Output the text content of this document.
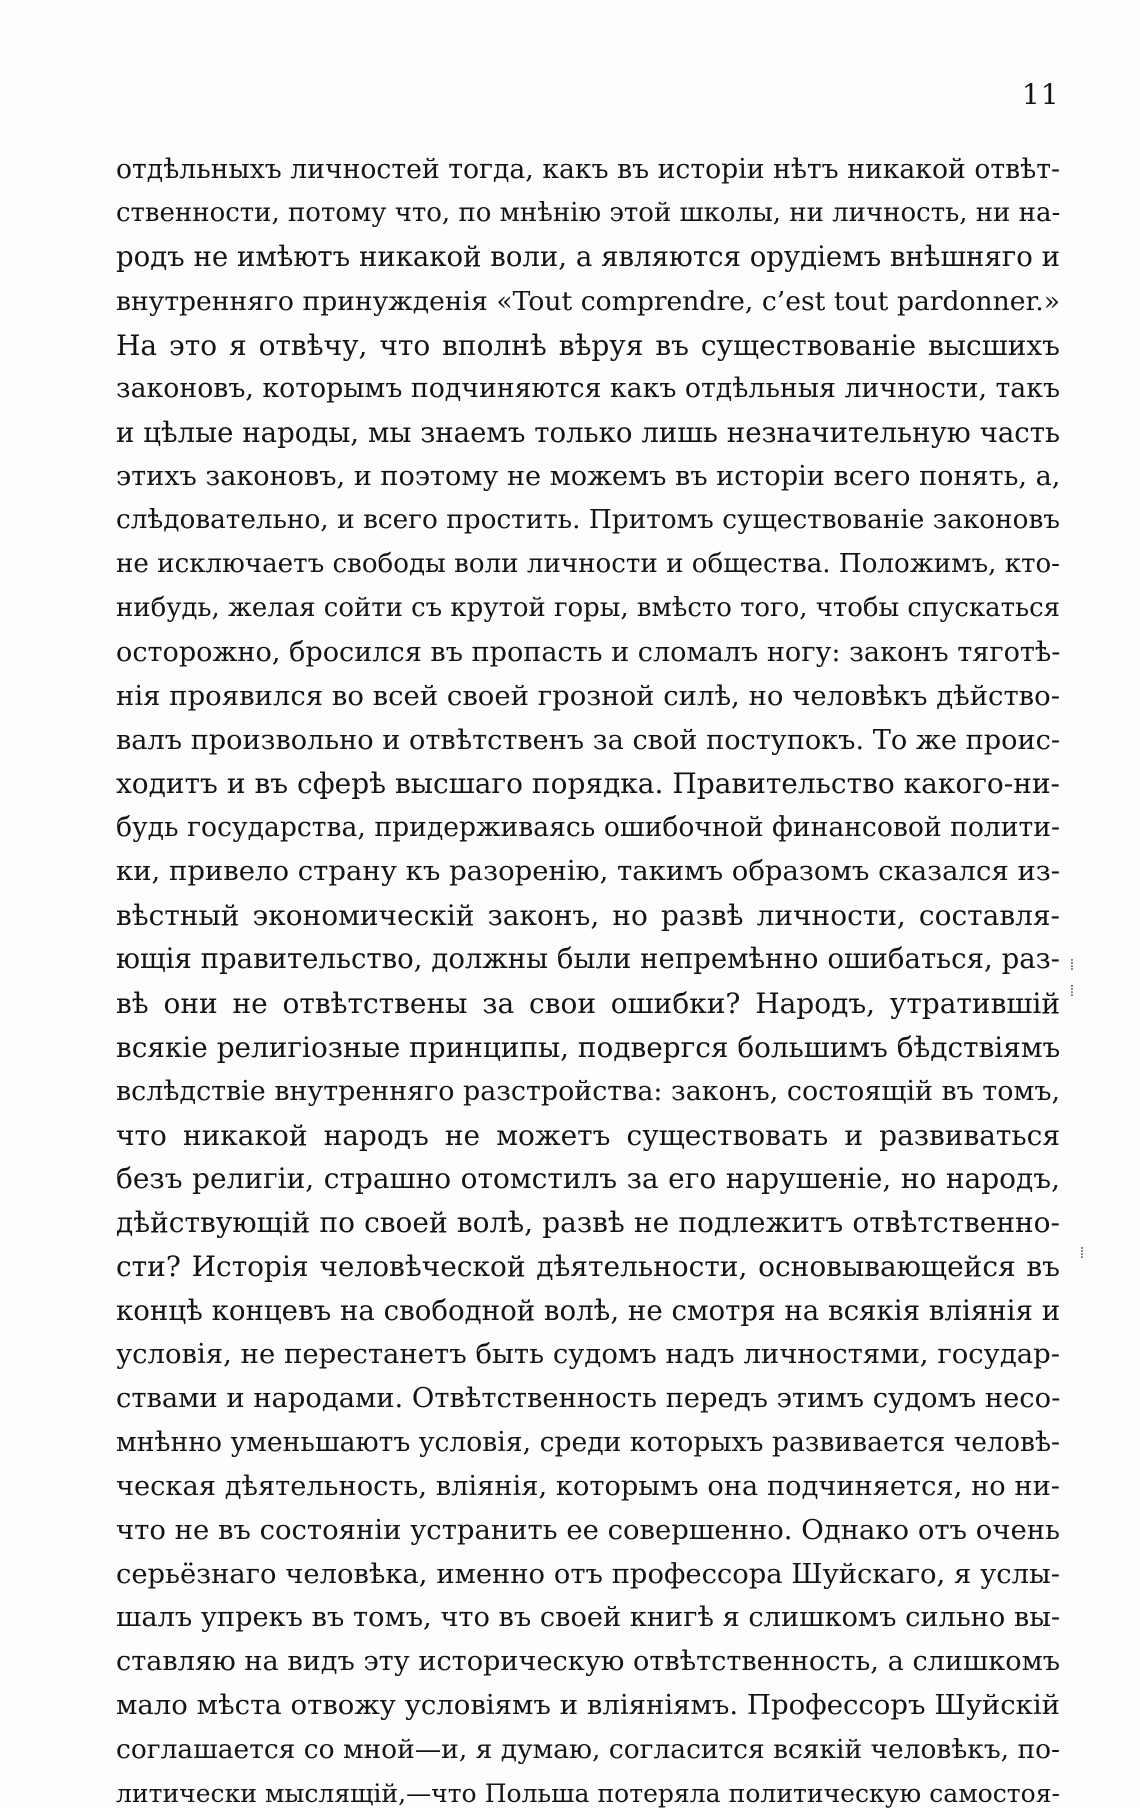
11
отдѣльныхъ личностей тогда, какъ въ исторіи нѣтъ никакой отвѣт-
ственности, потому что, по мнѣнію этой школы, ни личность, ни на-
родъ не имѣютъ никакой воли, а являются орудіемъ внѣшняго и
внутренняго принужденія «Tout comprendre, c’est tout pardonner.»
На это я отвѣчу, что вполнѣ вѣруя въ существованіе высшихъ
законовъ, которымъ подчиняются какъ отдѣльныя личности, такъ
и цѣлые народы, мы знаемъ только лишь незначительную часть
этихъ законовъ, и поэтому не можемъ въ исторіи всего понять, а,
слѣдовательно, и всего простить. Притомъ существованіе законовъ
не исключаетъ свободы воли личности и общества. Положимъ, кто-
нибудь, желая сойти съ крутой горы, вмѣсто того, чтобы спускаться
осторожно, бросился въ пропасть и сломалъ ногу: законъ тяготѣ-
нія проявился во всей своей грозной силѣ, но человѣкъ дѣйство-
валъ произвольно и отвѣтственъ за свой поступокъ. То же проис-
ходитъ и въ сферѣ высшаго порядка. Правительство какого-ни-
будь государства, придерживаясь ошибочной финансовой полити-
ки, привело страну къ разоренію, такимъ образомъ сказался из-
вѣстный экономическій законъ, но развѣ личности, составля-
ющія правительство, должны были непремѣнно ошибаться, раз-
вѣ они не отвѣтствены за свои ошибки? Народъ, утратившій
всякіе религіозные принципы, подвергся большимъ бѣдствіямъ
вслѣдствіе внутренняго разстройства: законъ, состоящій въ томъ,
что никакой народъ не можетъ существовать и развиваться
безъ религіи, страшно отомстилъ за его нарушеніе, но народъ,
дѣйствующій по своей волѣ, развѣ не подлежитъ отвѣтственно-
сти? Исторія человѣческой дѣятельности, основывающейся въ
концѣ концевъ на свободной волѣ, не смотря на всякія вліянія и
условія, не перестанетъ быть судомъ надъ личностями, государ-
ствами и народами. Отвѣтственность передъ этимъ судомъ несо-
мнѣнно уменьшаютъ условія, среди которыхъ развивается человѣ-
ческая дѣятельность, вліянія, которымъ она подчиняется, но ни-
что не въ состояніи устранить ее совершенно. Однако отъ очень
серьёзнаго человѣка, именно отъ профессора Шуйскаго, я услы-
шалъ упрекъ въ томъ, что въ своей книгѣ я слишкомъ сильно вы-
ставляю на видъ эту историческую отвѣтственность, а слишкомъ
мало мѣста отвожу условіямъ и вліяніямъ. Профессоръ Шуйскій
соглашается со мной—и, я думаю, согласится всякій человѣкъ, по-
литически мыслящій,—что Польша потеряла политическую самостоя-
⁞
⁞
⁞
